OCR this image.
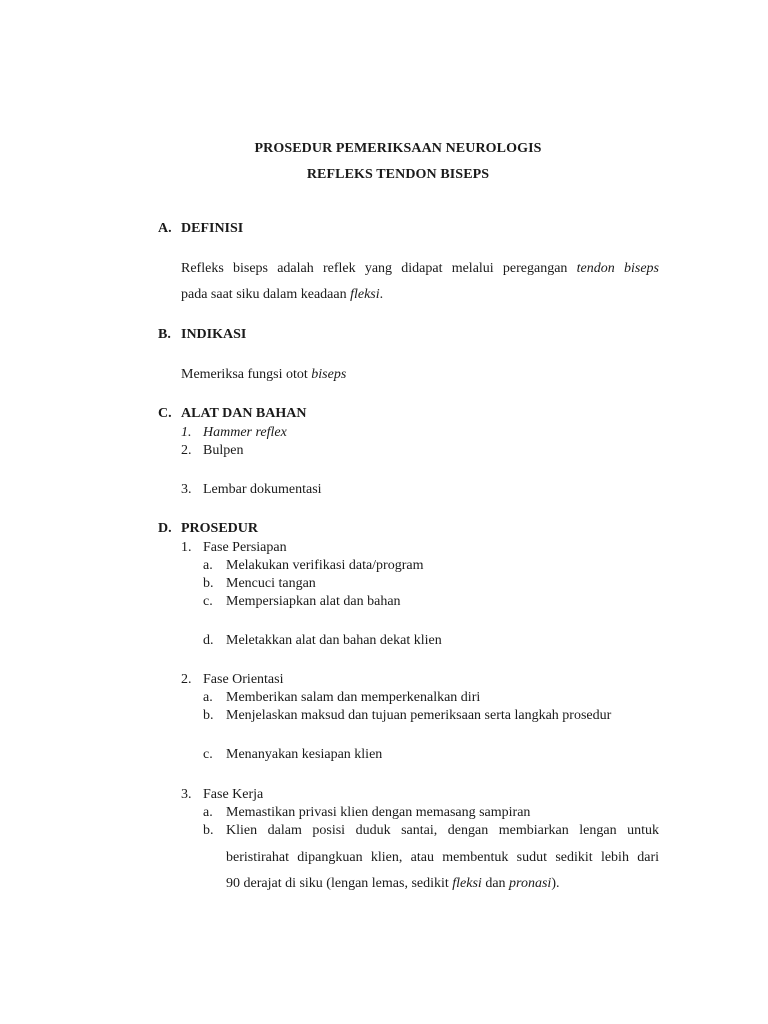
PROSEDUR PEMERIKSAAN NEUROLOGIS
REFLEKS TENDON BISEPS
A. DEFINISI
Refleks biseps adalah reflek yang didapat melalui peregangan tendon biseps
pada saat siku dalam keadaan fleksi.
B. INDIKASI
Memeriksa fungsi otot biseps
C. ALAT DAN BAHAN
1. Hammer reflex
2. Bulpen
3. Lembar dokumentasi
D. PROSEDUR
1. Fase Persiapan
a. Melakukan verifikasi data/program
b. Mencuci tangan
c. Mempersiapkan alat dan bahan
d. Meletakkan alat dan bahan dekat klien
2. Fase Orientasi
a. Memberikan salam dan memperkenalkan diri
b. Menjelaskan maksud dan tujuan pemeriksaan serta langkah prosedur
c. Menanyakan kesiapan klien
3. Fase Kerja
a. Memastikan privasi klien dengan memasang sampiran
b. Klien dalam posisi duduk santai, dengan membiarkan lengan untuk
beristirahat dipangkuan klien, atau membentuk sudut sedikit lebih dari
90 derajat di siku (lengan lemas, sedikit fleksi dan pronasi).
